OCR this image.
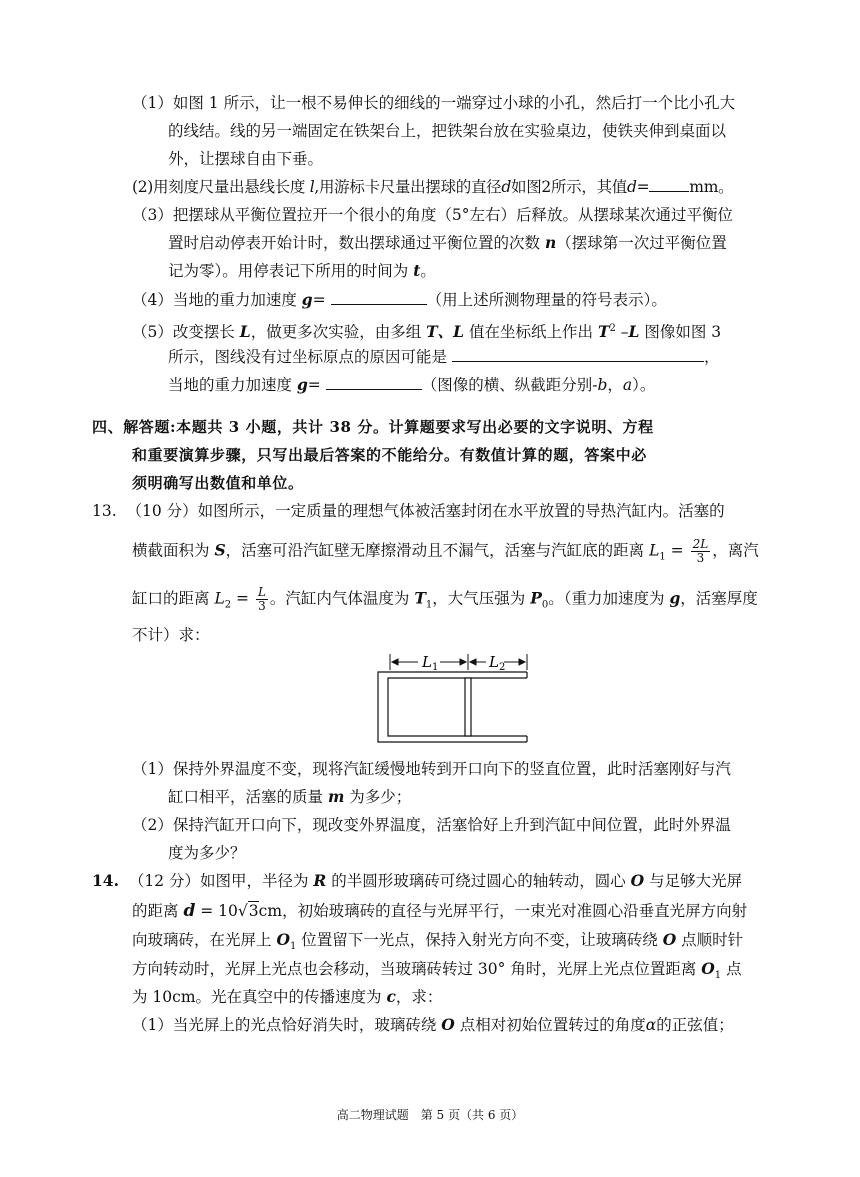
（1）如图 1 所示，让一根不易伸长的细线的一端穿过小球的小孔，然后打一个比小孔大
的线结。线的另一端固定在铁架台上，把铁架台放在实验桌边，使铁夹伸到桌面以
外，让摆球自由下垂。
(2)用刻度尺量出悬线长度 l,用游标卡尺量出摆球的直径d如图2所示，其值d=	mm。
（3）把摆球从平衡位置拉开一个很小的角度（5°左右）后释放。从摆球某次通过平衡位
置时启动停表开始计时，数出摆球通过平衡位置的次数 n（摆球第一次过平衡位置
记为零）。用停表记下所用的时间为 t。
（4）当地的重力加速度 g=	（用上述所测物理量的符号表示）。
（5）改变摆长 L，做更多次实验，由多组 T、L 值在坐标纸上作出 $T^2$ –L 图像如图 3
所示，图线没有过坐标原点的原因可能是	，
当地的重力加速度 g=	（图像的横、纵截距分别-b，a）。
四、解答题:本题共 3 小题，共计 38 分。计算题要求写出必要的文字说明、方程
和重要演算步骤，只写出最后答案的不能给分。有数值计算的题，答案中必
须明确写出数值和单位。
13. （10 分）如图所示，一定质量的理想气体被活塞封闭在水平放置的导热汽缸内。活塞的
横截面积为 S，活塞可沿汽缸壁无摩擦滑动且不漏气，活塞与汽缸底的距离 $L_1 = \frac{2L}{3}$ ，离汽
缸口的距离 $L_2 = \frac{L}{3}$ 。汽缸内气体温度为 $T_1$，大气压强为 $P_0$。（重力加速度为 g，活塞厚度
不计）求：
$L_1$	$L_2$
（1）保持外界温度不变，现将汽缸缓慢地转到开口向下的竖直位置，此时活塞刚好与汽
缸口相平，活塞的质量 m 为多少；
（2）保持汽缸开口向下，现改变外界温度，活塞恰好上升到汽缸中间位置，此时外界温
度为多少？
14. （12 分）如图甲，半径为 R 的半圆形玻璃砖可绕过圆心的轴转动，圆心 O 与足够大光屏
的距离 d = 10√3cm，初始玻璃砖的直径与光屏平行，一束光对准圆心沿垂直光屏方向射
向玻璃砖，在光屏上 $O_1$ 位置留下一光点，保持入射光方向不变，让玻璃砖绕 O 点顺时针
方向转动时，光屏上光点也会移动，当玻璃砖转过 30° 角时，光屏上光点位置距离 $O_1$ 点
为 10cm。光在真空中的传播速度为 c，求：
（1）当光屏上的光点恰好消失时，玻璃砖绕 O 点相对初始位置转过的角度α的正弦值；
高二物理试题　第 5 页（共 6 页）
